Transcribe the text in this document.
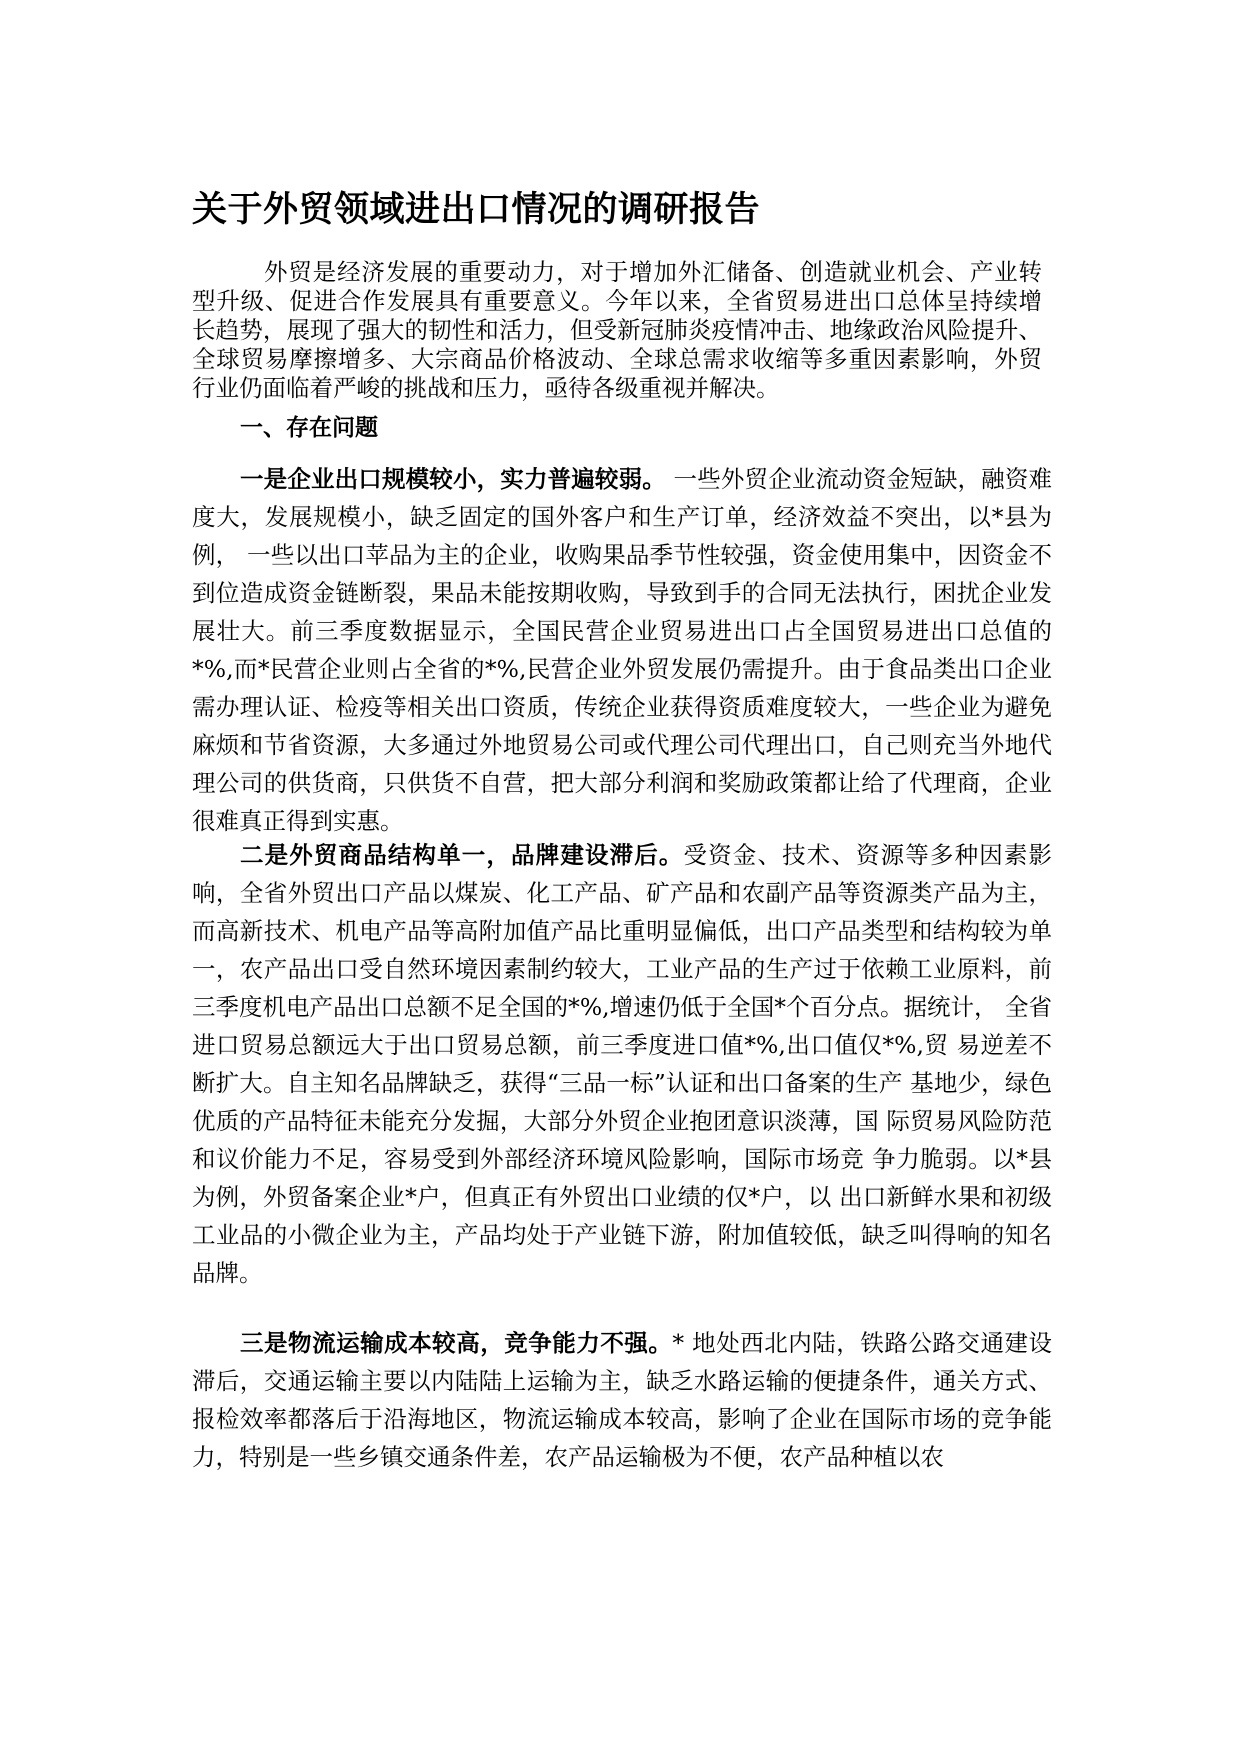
关于外贸领域进出口情况的调研报告

外贸是经济发展的重要动力，对于增加外汇储备、创造就业机会、产业转 型升级、促进合作发展具有重要意义。今年以来，全省贸易进出口总体呈持续增 长趋势，展现了强大的韧性和活力，但受新冠肺炎疫情冲击、地缘政治风险提升、 全球贸易摩擦增多、大宗商品价格波动、全球总需求收缩等多重因素影响，外贸 行业仍面临着严峻的挑战和压力，亟待各级重视并解决。

一、存在问题

一是企业出口规模较小，实力普遍较弱。 一些外贸企业流动资金短缺，融资难度大，发展规模小，缺乏固定的国外客户和生产订单，经济效益不突出，以*县为例， 一些以出口苹品为主的企业，收购果品季节性较强，资金使用集中，因资金不到位造成资金链断裂，果品未能按期收购，导致到手的合同无法执行，困扰企业发展壮大。前三季度数据显示，全国民营企业贸易进出口占全国贸易进出口总值的*%,而*民营企业则占全省的*%,民营企业外贸发展仍需提升。由于食品类出口企业需办理认证、检疫等相关出口资质，传统企业获得资质难度较大，一些企业为避免麻烦和节省资源，大多通过外地贸易公司或代理公司代理出口，自己则充当外地代理公司的供货商，只供货不自营，把大部分利润和奖励政策都让给了代理商，企业很难真正得到实惠。

二是外贸商品结构单一，品牌建设滞后。受资金、技术、资源等多种因素影响，全省外贸出口产品以煤炭、化工产品、矿产品和农副产品等资源类产品为主，而高新技术、机电产品等高附加值产品比重明显偏低，出口产品类型和结构较为单一，农产品出口受自然环境因素制约较大，工业产品的生产过于依赖工业原料，前三季度机电产品出口总额不足全国的*%,增速仍低于全国*个百分点。据统计， 全省进口贸易总额远大于出口贸易总额，前三季度进口值*%,出口值仅*%,贸 易逆差不断扩大。自主知名品牌缺乏，获得“三品一标”认证和出口备案的生产 基地少，绿色优质的产品特征未能充分发掘，大部分外贸企业抱团意识淡薄，国 际贸易风险防范和议价能力不足，容易受到外部经济环境风险影响，国际市场竞 争力脆弱。以*县为例，外贸备案企业*户，但真正有外贸出口业绩的仅*户，以 出口新鲜水果和初级工业品的小微企业为主，产品均处于产业链下游，附加值较低，缺乏叫得响的知名品牌。

三是物流运输成本较高，竞争能力不强。* 地处西北内陆，铁路公路交通建设滞后，交通运输主要以内陆陆上运输为主，缺乏水路运输的便捷条件，通关方式、报检效率都落后于沿海地区，物流运输成本较高，影响了企业在国际市场的竞争能力，特别是一些乡镇交通条件差，农产品运输极为不便，农产品种植以农
